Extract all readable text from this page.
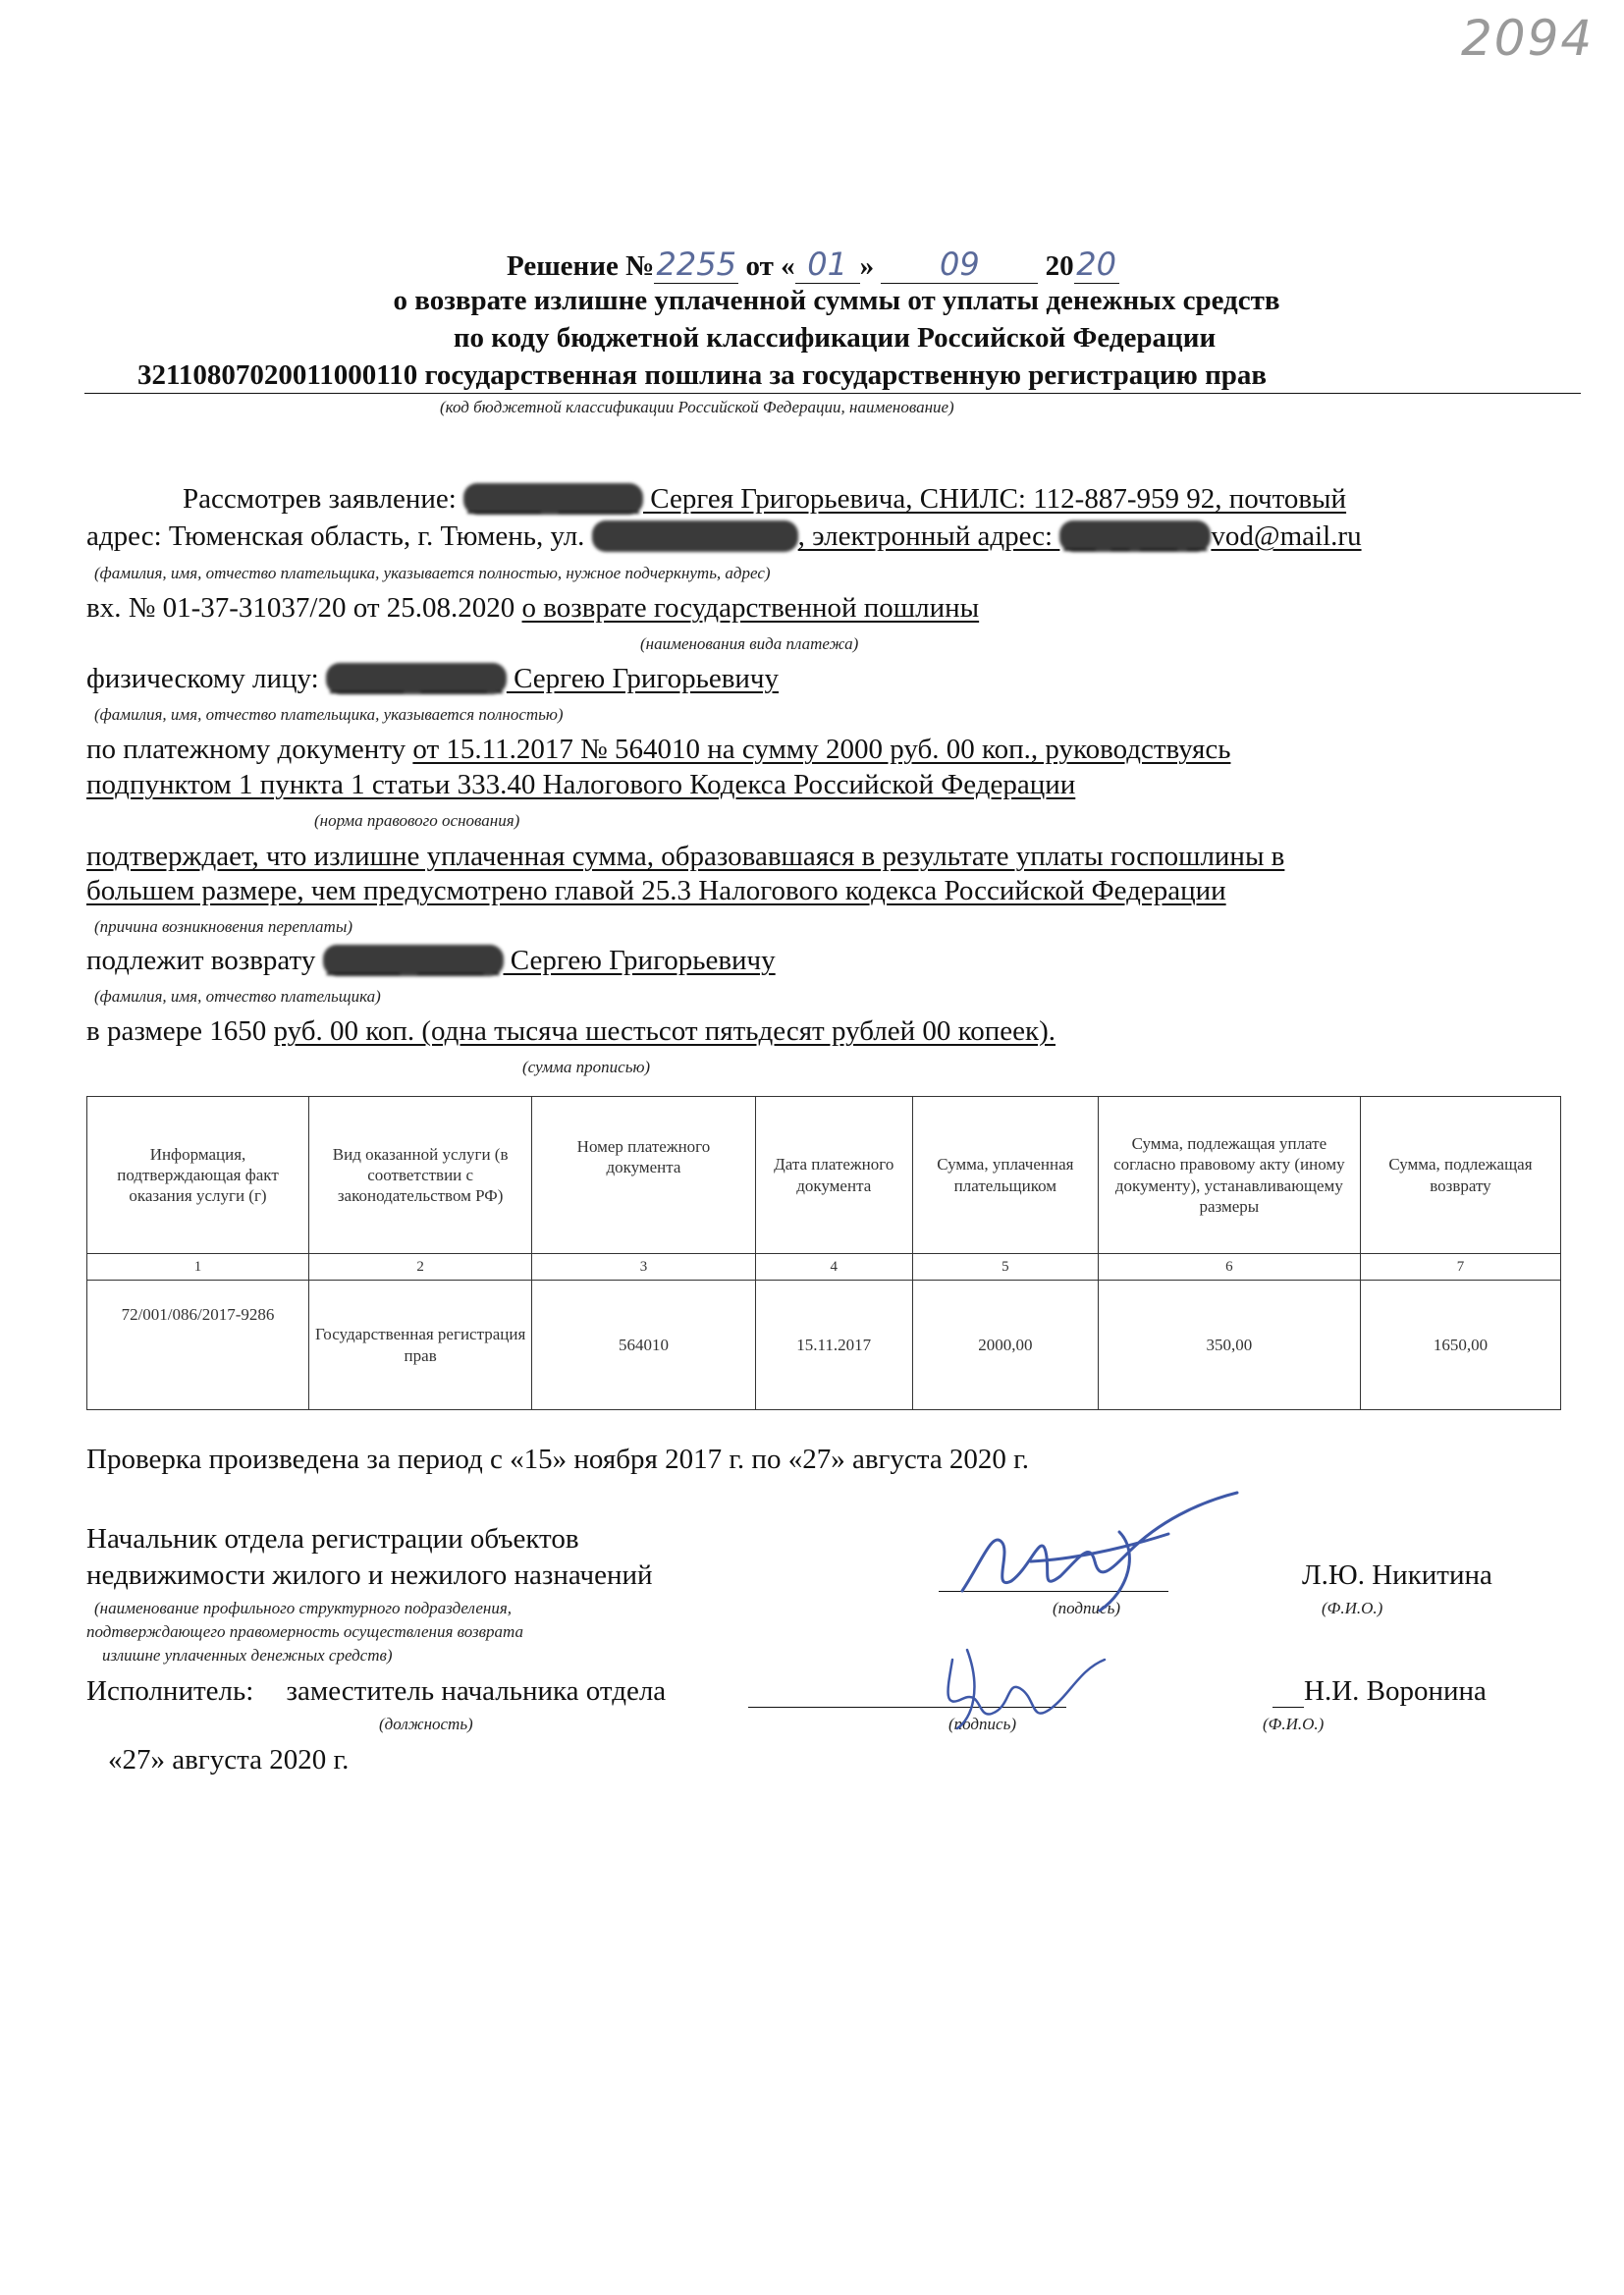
2094
Решение №2255 от « 01 » 09 2020
о возврате излишне уплаченной суммы от уплаты денежных средств
по коду бюджетной классификации Российской Федерации
32110807020011000110 государственная пошлина за государственную регистрацию прав
(код бюджетной классификации Российской Федерации, наименование)
Рассмотрев заявление:	Сергея Григорьевича, СНИЛС: 112-887-959 92, почтовый
адрес: Тюменская область, г. Тюмень, ул.	, электронный адрес:	vod@mail.ru
(фамилия, имя, отчество плательщика, указывается полностью, нужное подчеркнуть, адрес)
вх. № 01-37-31037/20 от 25.08.2020 о возврате государственной пошлины
(наименования вида платежа)
физическому лицу:	Сергею Григорьевичу
(фамилия, имя, отчество плательщика, указывается полностью)
по платежному документу от 15.11.2017 № 564010 на сумму 2000 руб. 00 коп., руководствуясь
подпунктом 1 пункта 1 статьи 333.40 Налогового Кодекса Российской Федерации
(норма правового основания)
подтверждает, что излишне уплаченная сумма, образовавшаяся в результате уплаты госпошлины в
большем размере, чем предусмотрено главой 25.3 Налогового кодекса Российской Федерации
(причина возникновения переплаты)
подлежит возврату	Сергею Григорьевичу
(фамилия, имя, отчество плательщика)
в размере 1650 руб. 00 коп. (одна тысяча шестьсот пятьдесят рублей 00 копеек).
(сумма прописью)
Информация, подтверждающая факт оказания услуги (г)	Вид оказанной услуги (в соответствии с законодательством РФ)	Номер платежного документа	Дата платежного документа	Сумма, уплаченная плательщиком	Сумма, подлежащая уплате согласно правовому акту (иному документу), устанавливающему размеры	Сумма, подлежащая возврату
1	2	3	4	5	6	7
72/001/086/2017-9286	Государственная регистрация прав	564010	15.11.2017	2000,00	350,00	1650,00
Проверка произведена за период с «15» ноября 2017 г. по «27» августа 2020 г.
Начальник отдела регистрации объектов
недвижимости жилого и нежилого назначений	Л.Ю. Никитина
(наименование профильного структурного подразделения,	(подпись)	(Ф.И.О.)
подтверждающего правомерность осуществления возврата
излишне уплаченных денежных средств)
Исполнитель: заместитель начальника отдела	Н.И. Воронина
(должность)	(подпись)	(Ф.И.О.)
«27» августа 2020 г.
